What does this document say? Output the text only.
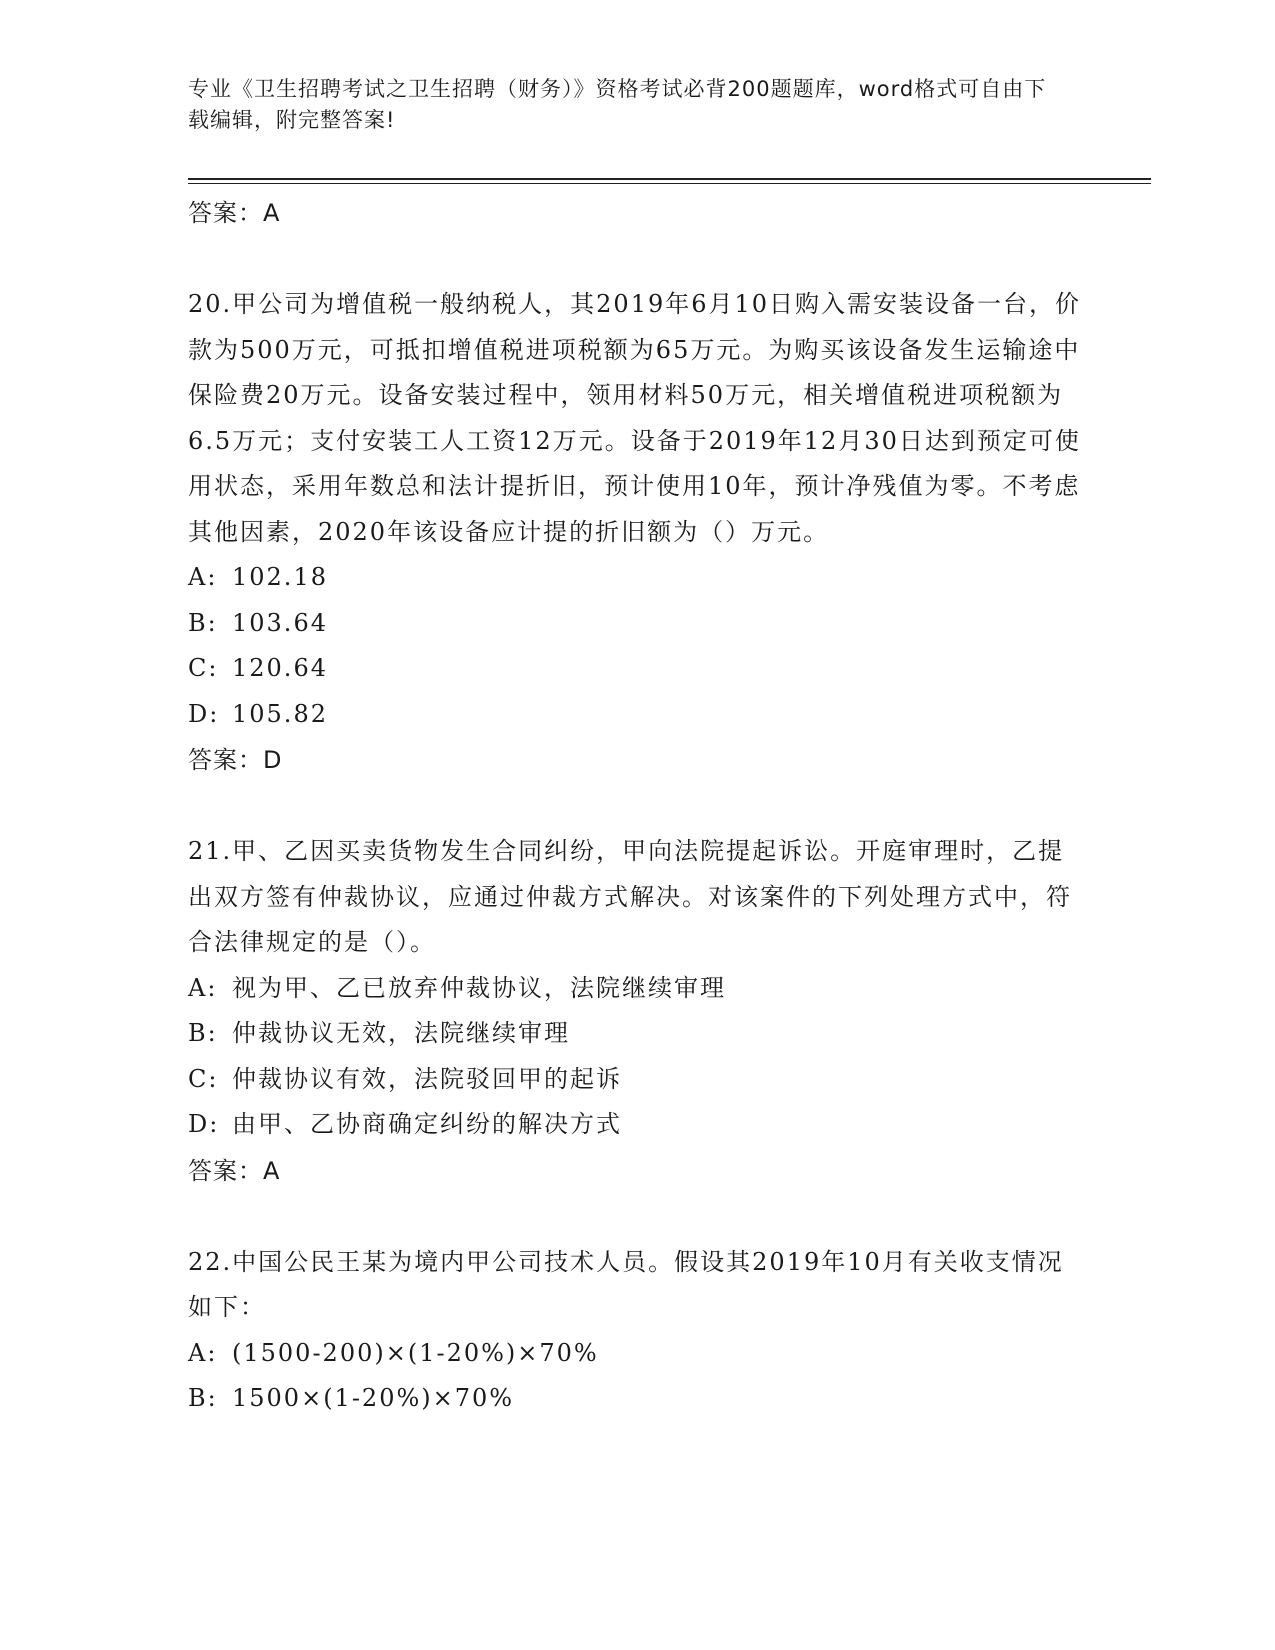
专业《卫生招聘考试之卫生招聘（财务）》资格考试必背200题题库，word格式可自由下载编辑，附完整答案!
答案：A
20.甲公司为增值税一般纳税人，其2019年6月10日购入需安装设备一台，价款为500万元，可抵扣增值税进项税额为65万元。为购买该设备发生运输途中保险费20万元。设备安装过程中，领用材料50万元，相关增值税进项税额为6.5万元；支付安装工人工资12万元。设备于2019年12月30日达到预定可使用状态，采用年数总和法计提折旧，预计使用10年，预计净残值为零。不考虑其他因素，2020年该设备应计提的折旧额为（）万元。
A: 102.18
B: 103.64
C: 120.64
D: 105.82
答案：D
21.甲、乙因买卖货物发生合同纠纷，甲向法院提起诉讼。开庭审理时，乙提出双方签有仲裁协议，应通过仲裁方式解决。对该案件的下列处理方式中，符合法律规定的是（）。
A: 视为甲、乙已放弃仲裁协议，法院继续审理
B: 仲裁协议无效，法院继续审理
C: 仲裁协议有效，法院驳回甲的起诉
D: 由甲、乙协商确定纠纷的解决方式
答案：A
22.中国公民王某为境内甲公司技术人员。假设其2019年10月有关收支情况如下：
A: (1500-200)×(1-20%)×70%
B: 1500×(1-20%)×70%
